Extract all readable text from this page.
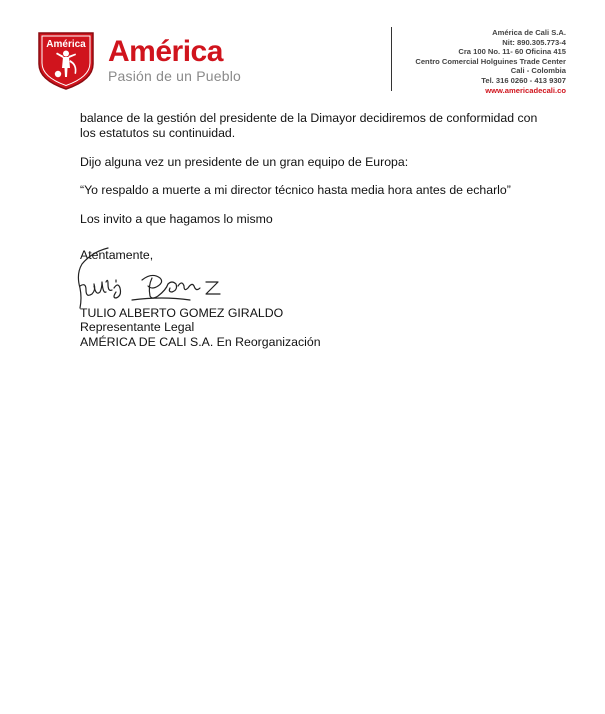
América América
Pasión de un Pueblo
América de Cali S.A.
Nit: 890.305.773-4
Cra 100 No. 11- 60 Oficina 415
Centro Comercial Holguines Trade Center
Cali - Colombia
Tel. 316 0260 - 413 9307
www.americadecali.co

balance de la gestión del presidente de la Dimayor decidiremos de conformidad con los estatutos su continuidad.

Dijo alguna vez un presidente de un gran equipo de Europa:

“Yo respaldo a muerte a mi director técnico hasta media hora antes de echarlo”

Los invito a que hagamos lo mismo

Atentamente,
TULIO ALBERTO GOMEZ GIRALDO
Representante Legal
AMÉRICA DE CALI S.A. En Reorganización
